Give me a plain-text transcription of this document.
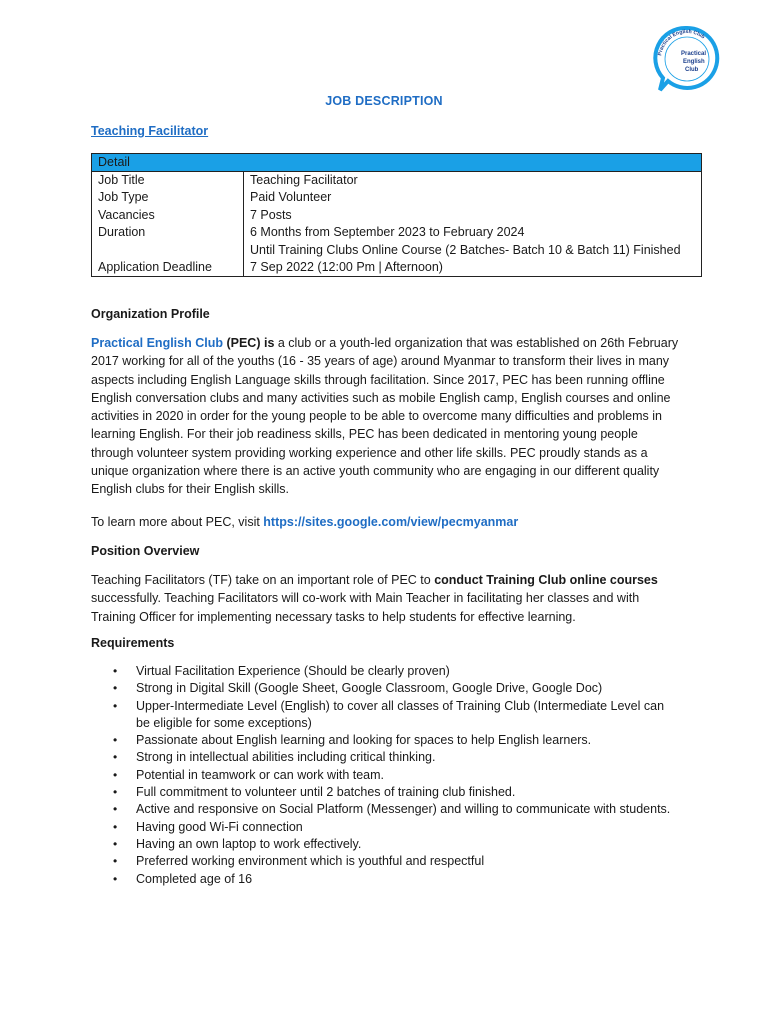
Practical English Club
Practical
English
Club
JOB DESCRIPTION
Teaching Facilitator
Detail
Job Title
Job Type
Vacancies
Duration
Application Deadline
Teaching Facilitator
Paid Volunteer
7 Posts
6 Months from September 2023 to February 2024
Until Training Clubs Online Course (2 Batches- Batch 10 & Batch 11) Finished
7 Sep 2022 (12:00 Pm | Afternoon)
Organization Profile
Practical English Club (PEC) is a club or a youth-led organization that was established on 26th February 2017 working for all of the youths (16 - 35 years of age) around Myanmar to transform their lives in many aspects including English Language skills through facilitation. Since 2017, PEC has been running offline English conversation clubs and many activities such as mobile English camp, English courses and online activities in 2020 in order for the young people to be able to overcome many difficulties and problems in learning English. For their job readiness skills, PEC has been dedicated in mentoring young people through volunteer system providing working experience and other life skills. PEC proudly stands as a unique organization where there is an active youth community who are engaging in our different quality English clubs for their English skills.
To learn more about PEC, visit https://sites.google.com/view/pecmyanmar
Position Overview
Teaching Facilitators (TF) take on an important role of PEC to conduct Training Club online courses successfully. Teaching Facilitators will co-work with Main Teacher in facilitating her classes and with Training Officer for implementing necessary tasks to help students for effective learning.
Requirements
• Virtual Facilitation Experience (Should be clearly proven)
• Strong in Digital Skill (Google Sheet, Google Classroom, Google Drive, Google Doc)
• Upper-Intermediate Level (English) to cover all classes of Training Club (Intermediate Level can be eligible for some exceptions)
• Passionate about English learning and looking for spaces to help English learners.
• Strong in intellectual abilities including critical thinking.
• Potential in teamwork or can work with team.
• Full commitment to volunteer until 2 batches of training club finished.
• Active and responsive on Social Platform (Messenger) and willing to communicate with students.
• Having good Wi-Fi connection
• Having an own laptop to work effectively.
• Preferred working environment which is youthful and respectful
• Completed age of 16
